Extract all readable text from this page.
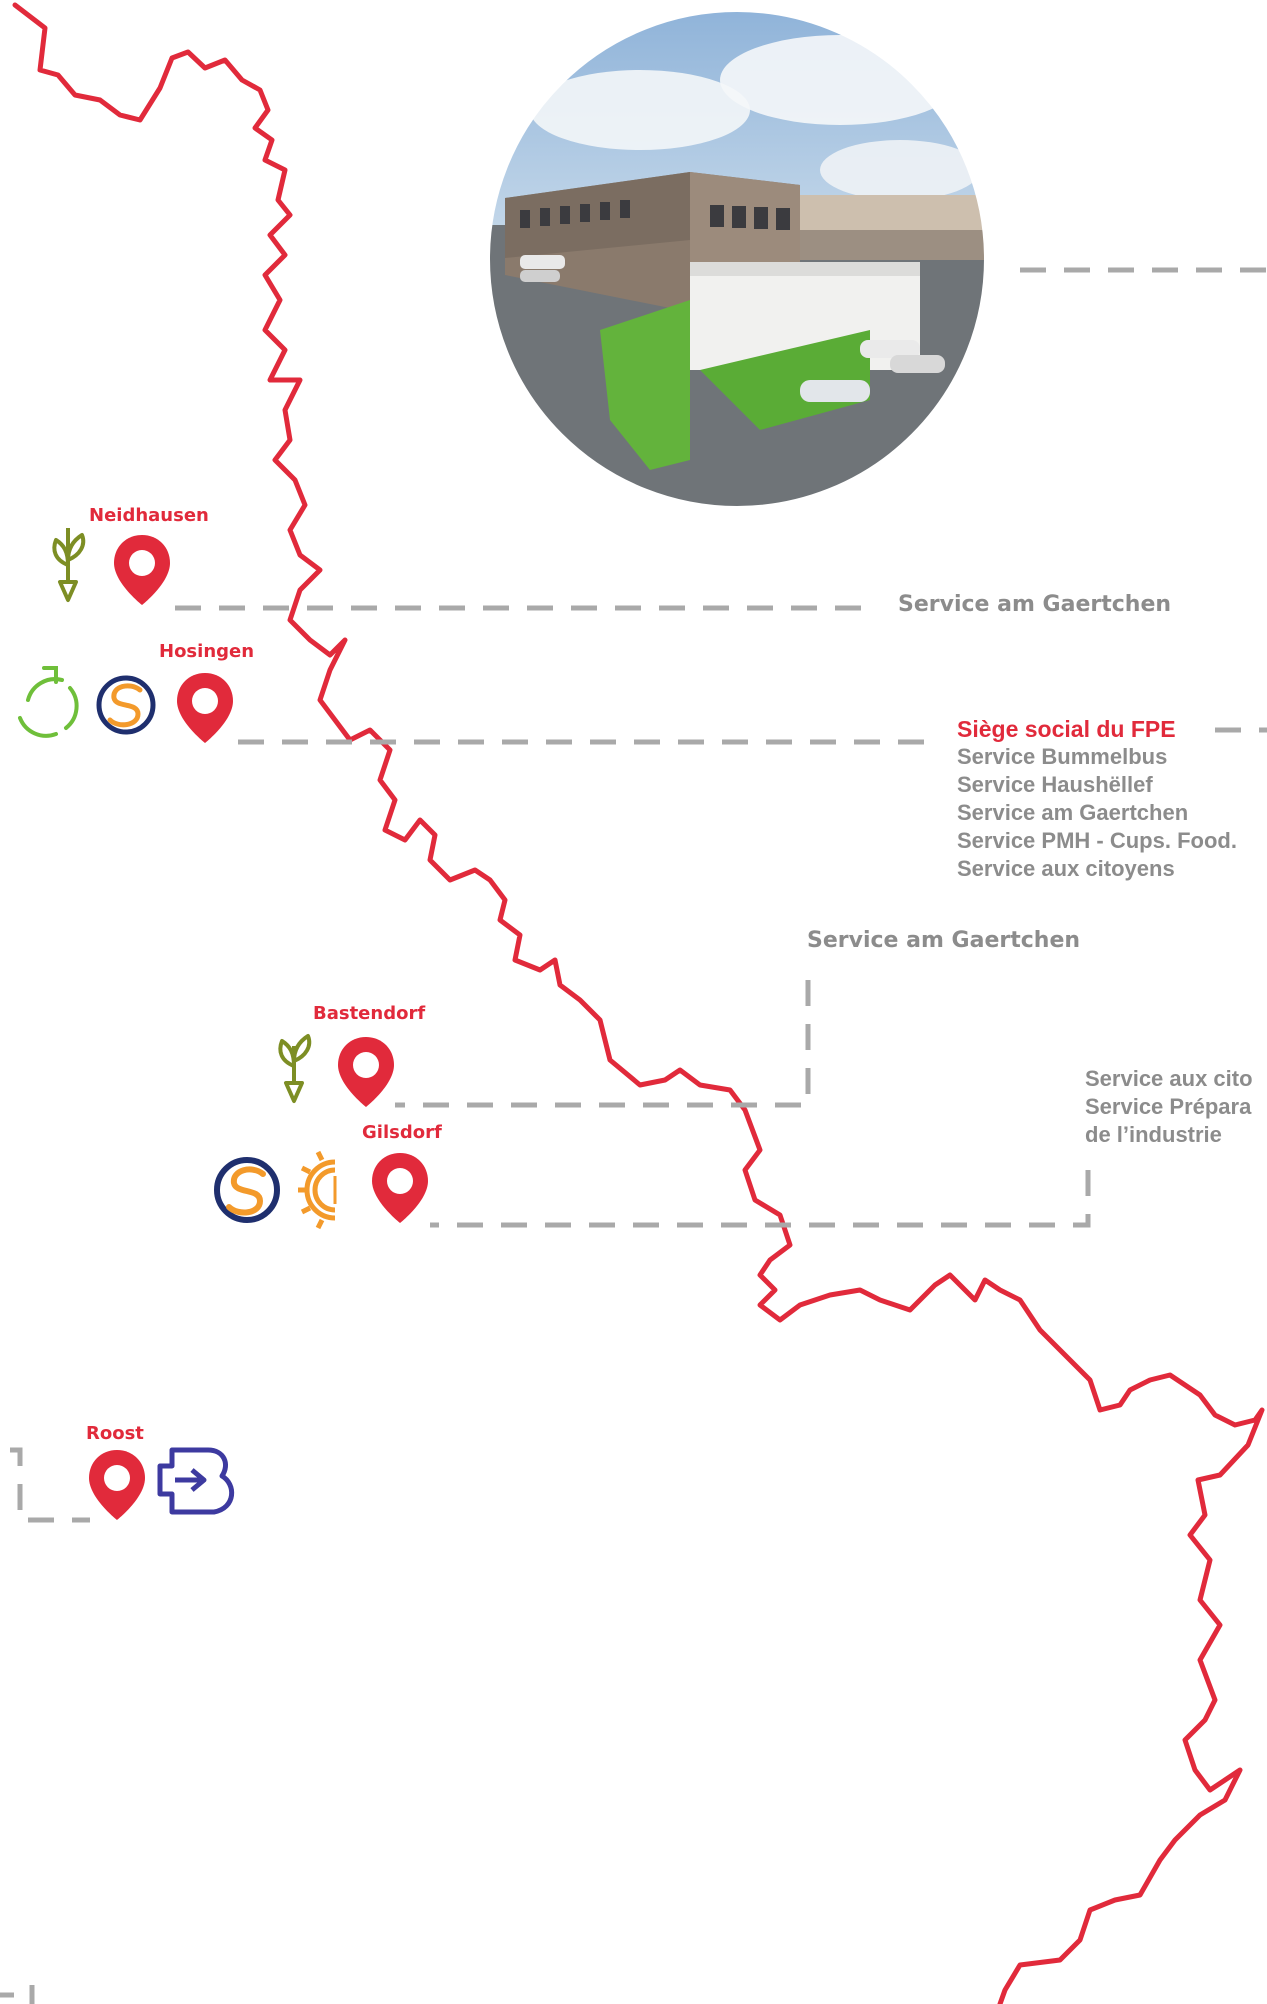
Neidhausen
Hosingen
Bastendorf
Gilsdorf
Roost
Service am Gaertchen
Siège social du FPE
Service Bummelbus
Service Haushëllef
Service am Gaertchen
Service PMH - Cups. Food.
Service aux citoyens
Service am Gaertchen
Service aux cito
Service Prépara
de l’industrie
